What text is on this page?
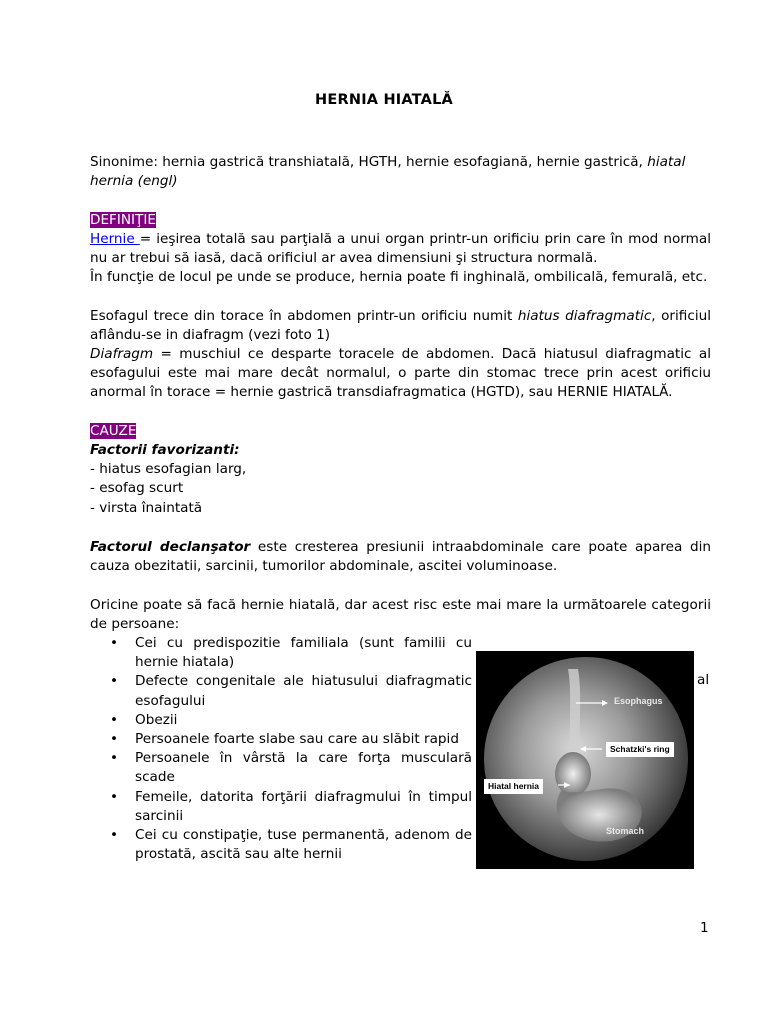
HERNIA HIATALĂ
Sinonime: hernia gastrică transhiatală, HGTH, hernie esofagiană, hernie gastrică, hiatal
hernia (engl)
DEFINIŢIE
Hernie = ieşirea totală sau parţială a unui organ printr-un orificiu prin care în mod normal nu ar trebui să iasă, dacă orificiul ar avea dimensiuni şi structura normală.
În funcţie de locul pe unde se produce, hernia poate fi inghinală, ombilicală, femurală, etc.
Esofagul trece din torace în abdomen printr-un orificiu numit hiatus diafragmatic, orificiul aflându-se in diafragm (vezi foto 1)
Diafragm = muschiul ce desparte toracele de abdomen. Dacă hiatusul diafragmatic al esofagului este mai mare decât normalul, o parte din stomac trece prin acest orificiu anormal în torace = hernie gastrică transdiafragmatica (HGTD), sau HERNIE HIATALĂ.
CAUZE
Factorii favorizanti:
- hiatus esofagian larg,
- esofag scurt
- virsta înaintată
Factorul declanşator este cresterea presiunii intraabdominale care poate aparea din cauza obezitatii, sarcinii, tumorilor abdominale, ascitei voluminoase.
Oricine poate să facă hernie hiatală, dar acest risc este mai mare la următoarele categorii de persoane:
• Cei cu predispozitie familiala (sunt familii cu hernie hiatala)
• Defecte congenitale ale hiatusului diafragmatic esofagului
• Obezii
• Persoanele foarte slabe sau care au slăbit rapid
• Persoanele în vârstă la care forţa musculară scade
• Femeile, datorita forţării diafragmului în timpul sarcinii
• Cei cu constipaţie, tuse permanentă, adenom de prostată, ascită sau alte hernii
al
Esophagus
Schatzki's ring
Hiatal hernia
Stomach
1
